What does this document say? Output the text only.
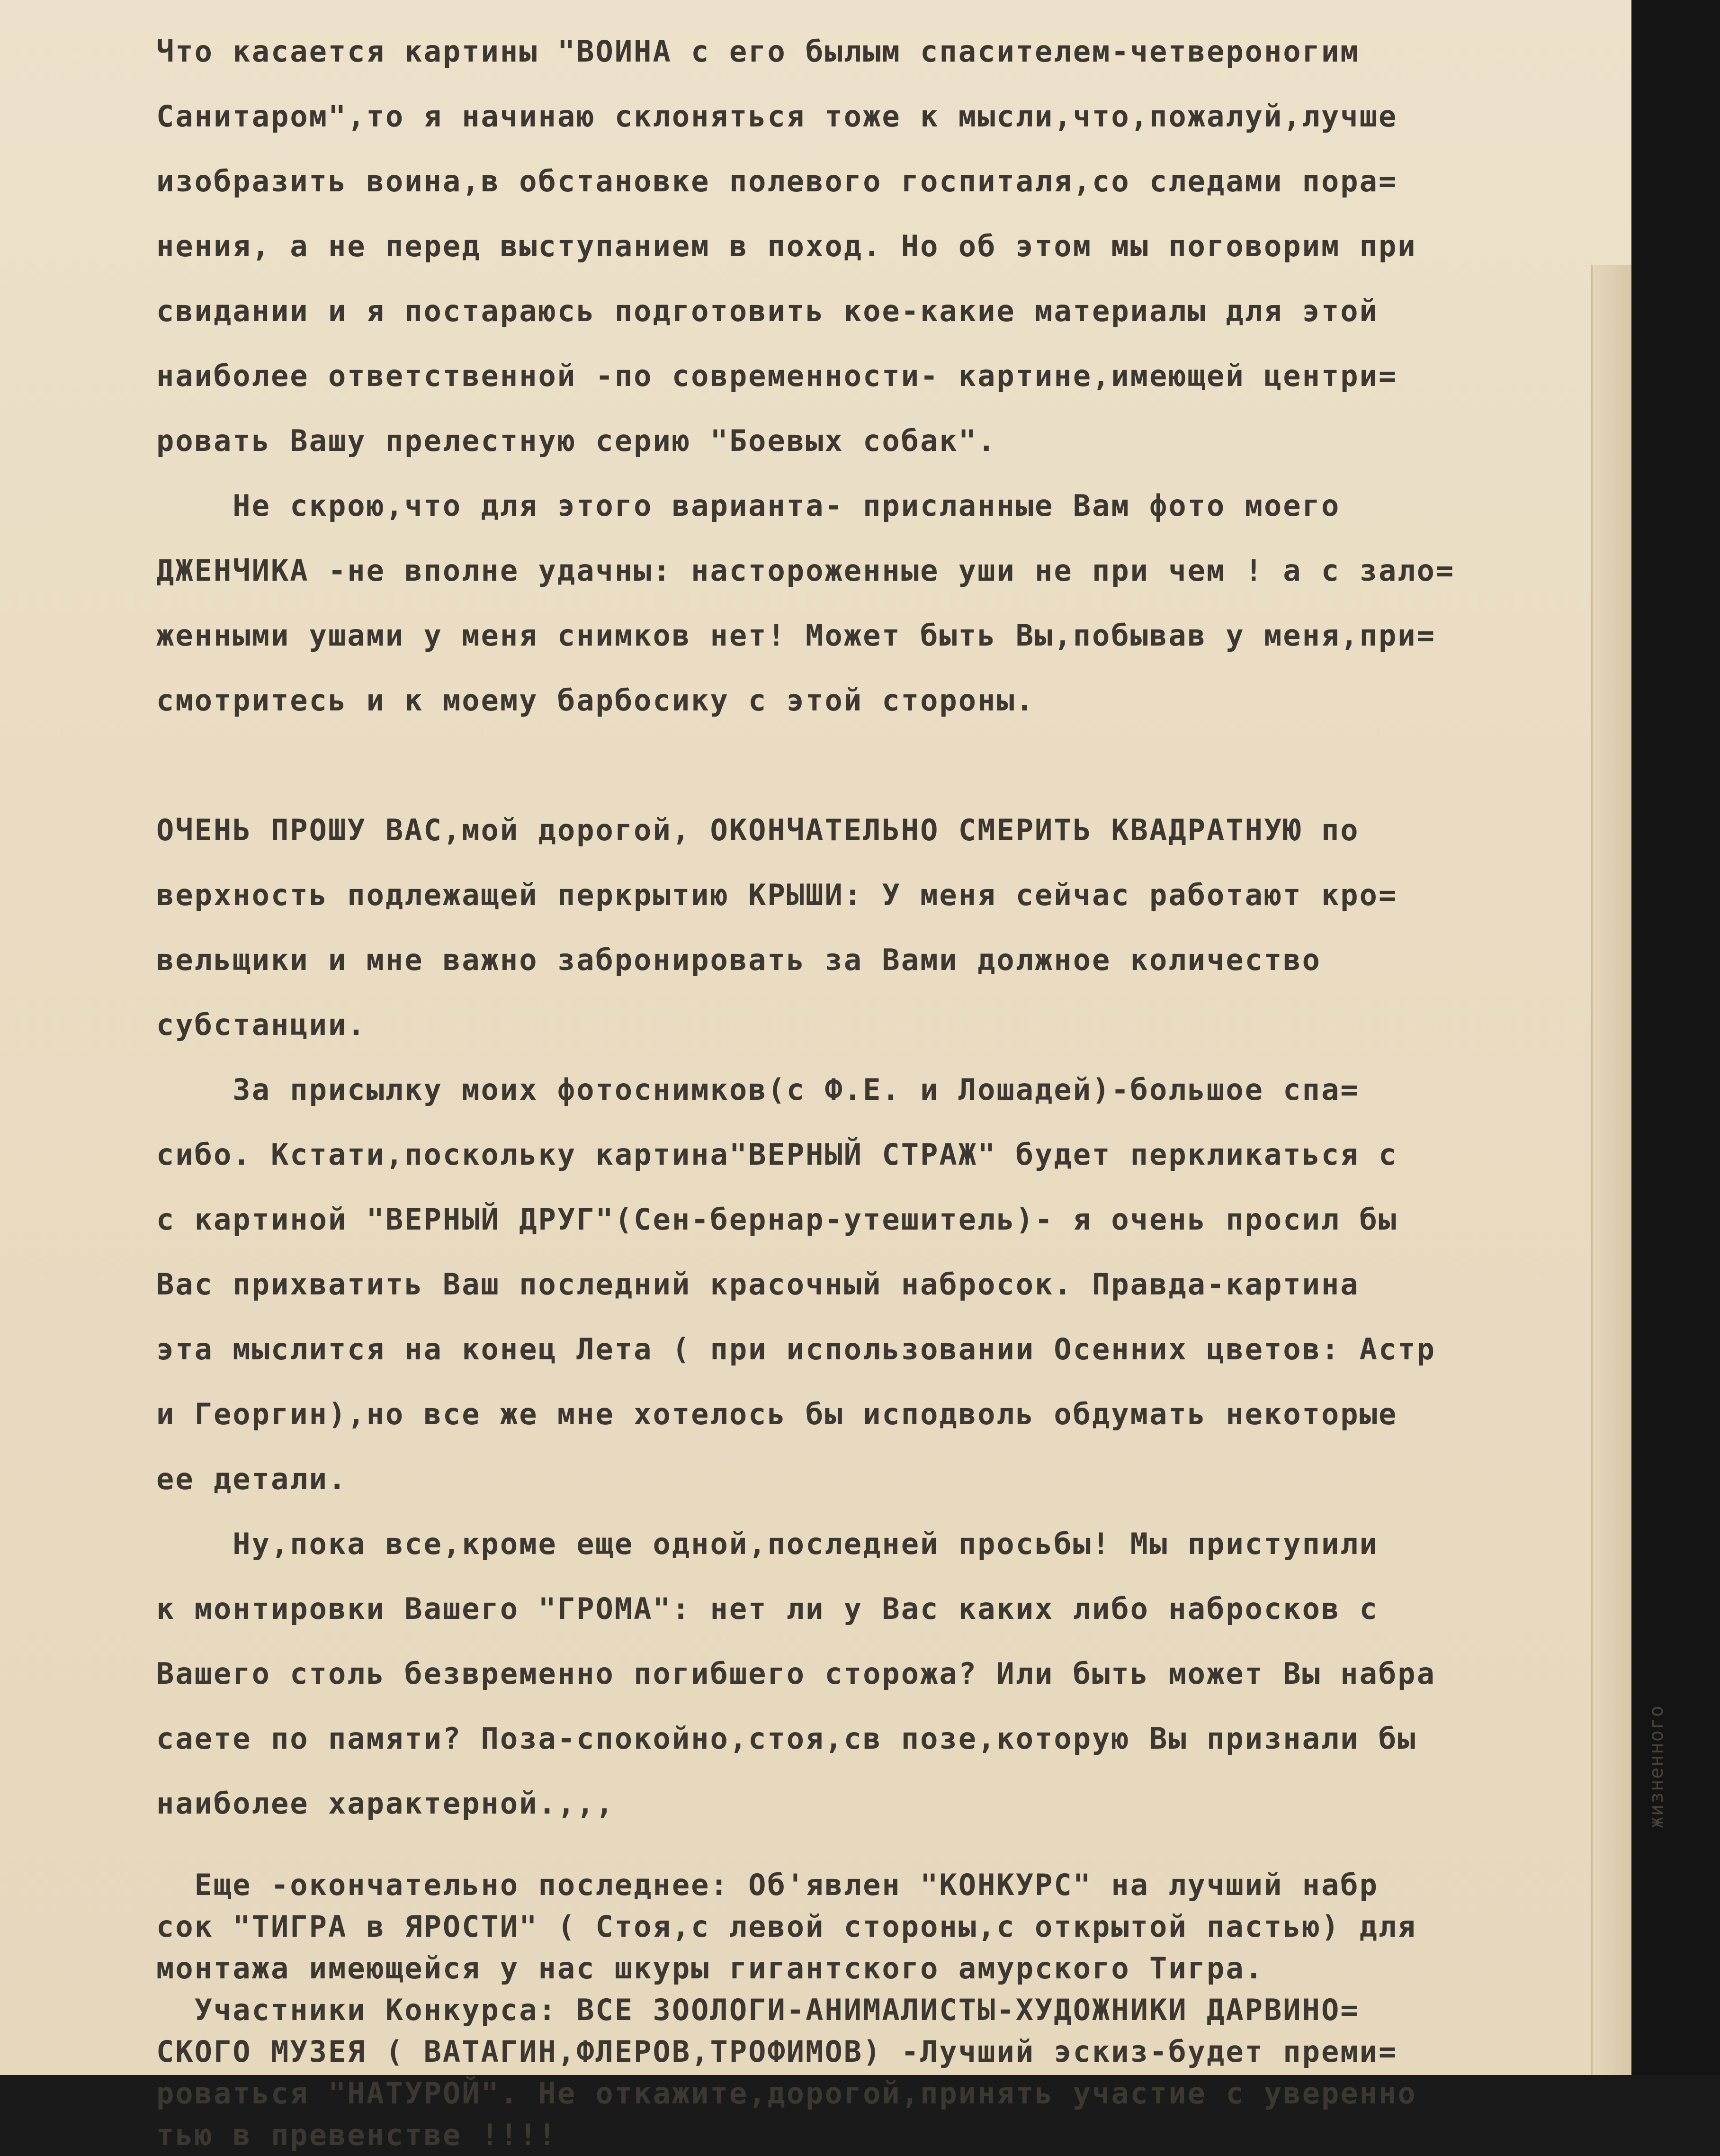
жизненного
Что касается картины "ВОИНА с его былым спасителем-четвероногим
Санитаром",то я начинаю склоняться тоже к мысли,что,пожалуй,лучше
изобразить воина,в обстановке полевого госпиталя,со следами пора=
нения, а не перед выступанием в поход. Но об этом мы поговорим при
свидании и я постараюсь подготовить кое-какие материалы для этой
наиболее ответственной -по современности- картине,имеющей центри=
ровать Вашу прелестную серию "Боевых собак".
Не скрою,что для этого варианта- присланные Вам фото моего
ДЖЕНЧИКА -не вполне удачны: настороженные уши не при чем ! а с зало=
женными ушами у меня снимков нет! Может быть Вы,побывав у меня,при=
смотритесь и к моему барбосику с этой стороны.
ОЧЕНЬ ПРОШУ ВАС,мой дорогой, ОКОНЧАТЕЛЬНО СМЕРИТЬ КВАДРАТНУЮ по
верхность подлежащей перкрытию КРЫШИ: У меня сейчас работают кро=
вельщики и мне важно забронировать за Вами должное количество
субстанции.
За присылку моих фотоснимков(с Ф.Е. и Лошадей)-большое спа=
сибо. Кстати,поскольку картина"ВЕРНЫЙ СТРАЖ" будет перкликаться с
с картиной "ВЕРНЫЙ ДРУГ"(Сен-бернар-утешитель)- я очень просил бы
Вас прихватить Ваш последний красочный набросок. Правда-картина
эта мыслится на конец Лета ( при использовании Осенних цветов: Астр
и Георгин),но все же мне хотелось бы исподволь обдумать некоторые
ее детали.
Ну,пока все,кроме еще одной,последней просьбы! Мы приступили
к монтировки Вашего "ГРОМА": нет ли у Вас каких либо набросков с
Вашего столь безвременно погибшего сторожа? Или быть может Вы набра
саете по памяти? Поза-спокойно,стоя,св позе,которую Вы признали бы
наиболее характерной.,,,
Еще -окончательно последнее: Об'явлен "КОНКУРС" на лучший набр
сок "ТИГРА в ЯРОСТИ" ( Стоя,с левой стороны,с открытой пастью) для
монтажа имеющейся у нас шкуры гигантского амурского Тигра.
Участники Конкурса: ВСЕ ЗООЛОГИ-АНИМАЛИСТЫ-ХУДОЖНИКИ ДАРВИНО=
СКОГО МУЗЕЯ ( ВАТАГИН,ФЛЕРОВ,ТРОФИМОВ) -Лучший эскиз-будет преми=
роваться "НАТУРОЙ". Не откажите,дорогой,принять участие с уверенно
тью в превенстве !!!!
